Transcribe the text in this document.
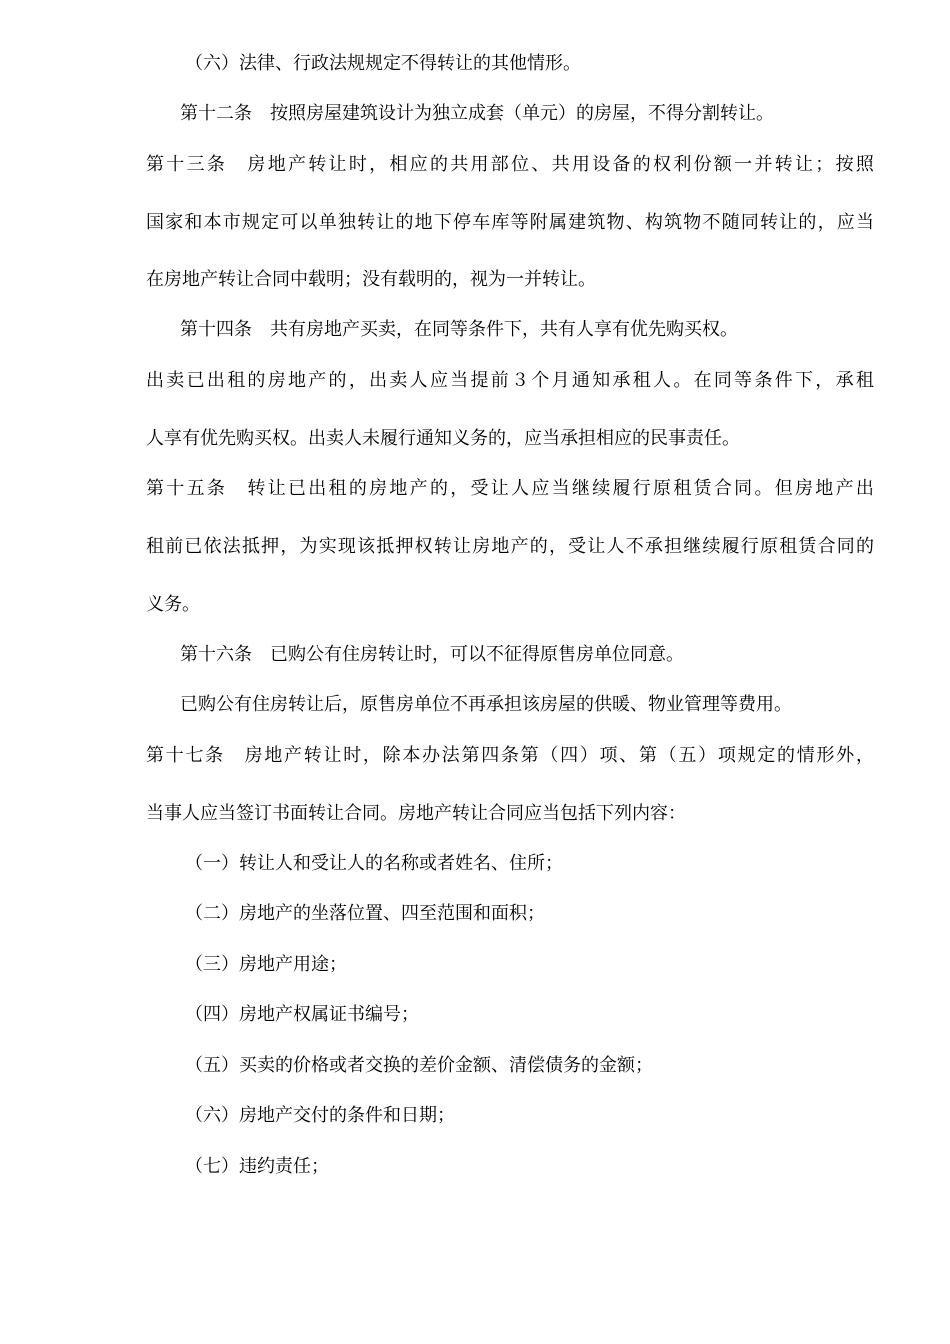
（六）法律、行政法规规定不得转让的其他情形。
第十二条　按照房屋建筑设计为独立成套（单元）的房屋，不得分割转让。
第 十 三 条
　 房 地 产 转 让 时 ， 相 应 的 共 用 部 位 、 共 用 设 备 的 权 利 份 额 一 并 转 让 ； 按 照
国 家 和 本 市 规 定 可 以 单 独 转 让 的 地 下 停 车 库 等 附 属 建 筑 物 、 构 筑 物 不 随 同 转 让 的 ， 应 当
在房地产转让合同中载明；没有载明的，视为一并转让。
第十四条　共有房地产买卖，在同等条件下，共有人享有优先购买权。
出 卖 已 出 租 的 房 地 产 的 ， 出 卖 人 应 当 提 前 ３ 个 月 通 知 承 租 人 。 在 同 等 条 件 下 ， 承 租
人享有优先购买权。出卖人未履行通知义务的，应当承担相应的民事责任。
第 十 五 条
　 转 让 已 出 租 的 房 地 产 的 ， 受 让 人 应 当 继 续 履 行 原 租 赁 合 同 。 但 房 地 产 出
租 前 已 依 法 抵 押 ， 为 实 现 该 抵 押 权 转 让 房 地 产 的 ， 受 让 人 不 承 担 继 续 履 行 原 租 赁 合 同 的
义务。
第十六条　已购公有住房转让时，可以不征得原售房单位同意。
已购公有住房转让后，原售房单位不再承担该房屋的供暖、物业管理等费用。
第 十 七 条
　 房 地 产 转 让 时 ， 除 本 办 法 第 四 条 第 （ 四 ） 项 、 第 （ 五 ） 项 规 定 的 情 形 外 ，
当事人应当签订书面转让合同。房地产转让合同应当包括下列内容：
（一）转让人和受让人的名称或者姓名、住所；
（二）房地产的坐落位置、四至范围和面积；
（三）房地产用途；
（四）房地产权属证书编号；
（五）买卖的价格或者交换的差价金额、清偿债务的金额；
（六）房地产交付的条件和日期；
（七）违约责任；
